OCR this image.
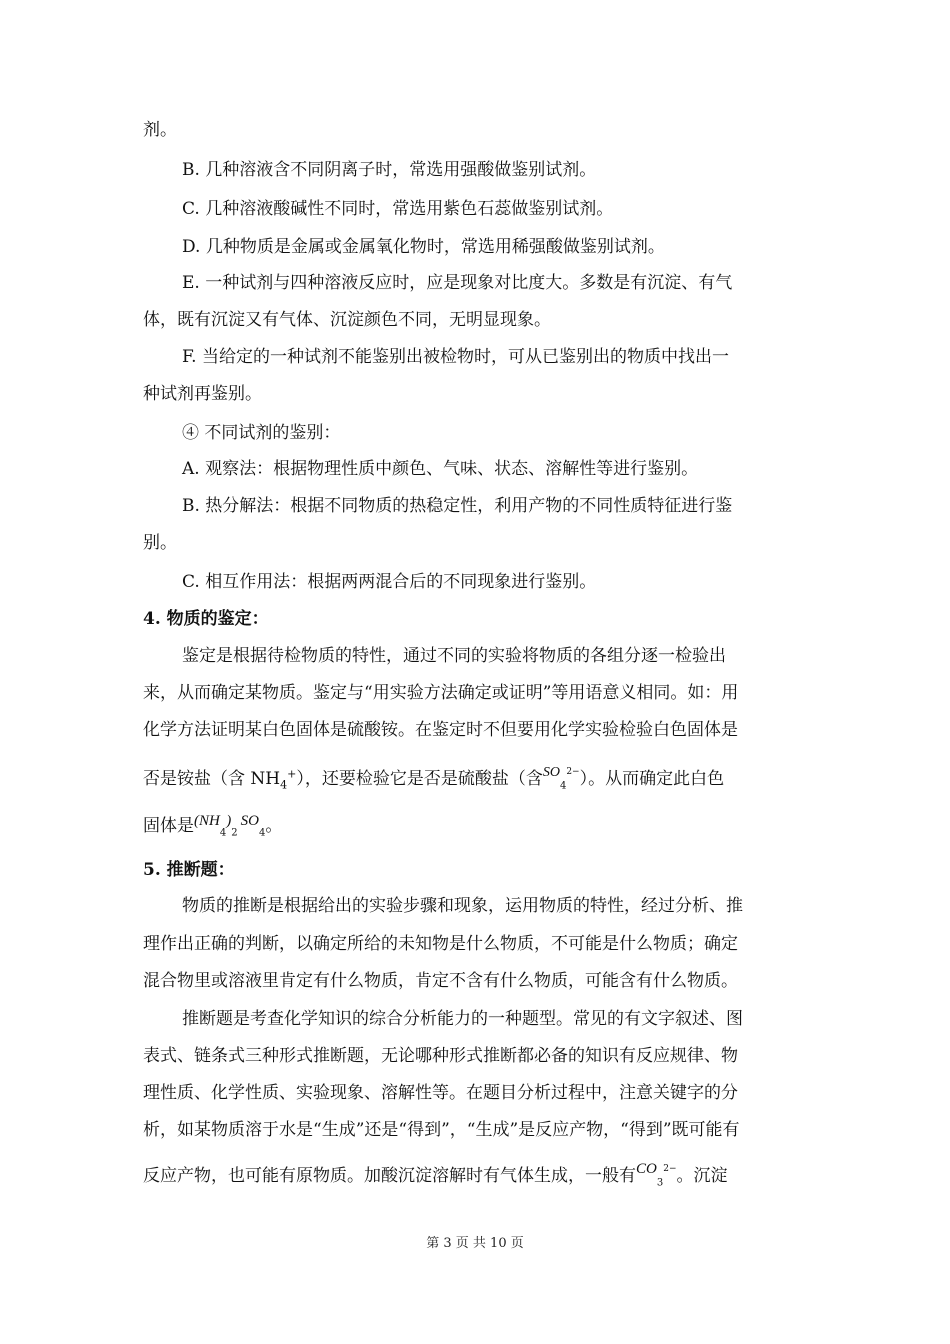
剂。
B. 几种溶液含不同阴离子时，常选用强酸做鉴别试剂。
C. 几种溶液酸碱性不同时，常选用紫色石蕊做鉴别试剂。
D. 几种物质是金属或金属氧化物时，常选用稀强酸做鉴别试剂。
E. 一种试剂与四种溶液反应时，应是现象对比度大。多数是有沉淀、有气
体，既有沉淀又有气体、沉淀颜色不同，无明显现象。
F. 当给定的一种试剂不能鉴别出被检物时，可从已鉴别出的物质中找出一
种试剂再鉴别。
④ 不同试剂的鉴别：
A. 观察法：根据物理性质中颜色、气味、状态、溶解性等进行鉴别。
B. 热分解法：根据不同物质的热稳定性，利用产物的不同性质特征进行鉴
别。
C. 相互作用法：根据两两混合后的不同现象进行鉴别。
4. 物质的鉴定：
鉴定是根据待检物质的特性，通过不同的实验将物质的各组分逐一检验出
来，从而确定某物质。鉴定与“用实验方法确定或证明”等用语意义相同。如：用
化学方法证明某白色固体是硫酸铵。在鉴定时不但要用化学实验检验白色固体是
否是铵盐（含 $NH_4^+$），还要检验它是否是硫酸盐（含$^{SO}_4^{2-}$）。从而确定此白色
固体是$(NH_4)_2SO_4$。
5. 推断题：
物质的推断是根据给出的实验步骤和现象，运用物质的特性，经过分析、推
理作出正确的判断，以确定所给的未知物是什么物质，不可能是什么物质；确定
混合物里或溶液里肯定有什么物质，肯定不含有什么物质，可能含有什么物质。
推断题是考查化学知识的综合分析能力的一种题型。常见的有文字叙述、图
表式、链条式三种形式推断题，无论哪种形式推断都必备的知识有反应规律、物
理性质、化学性质、实验现象、溶解性等。在题目分析过程中，注意关键字的分
析，如某物质溶于水是“生成”还是“得到”，“生成”是反应产物，“得到”既可能有
反应产物，也可能有原物质。加酸沉淀溶解时有气体生成，一般有$CO_3^{2-}$。沉淀
第 3 页 共 10 页
